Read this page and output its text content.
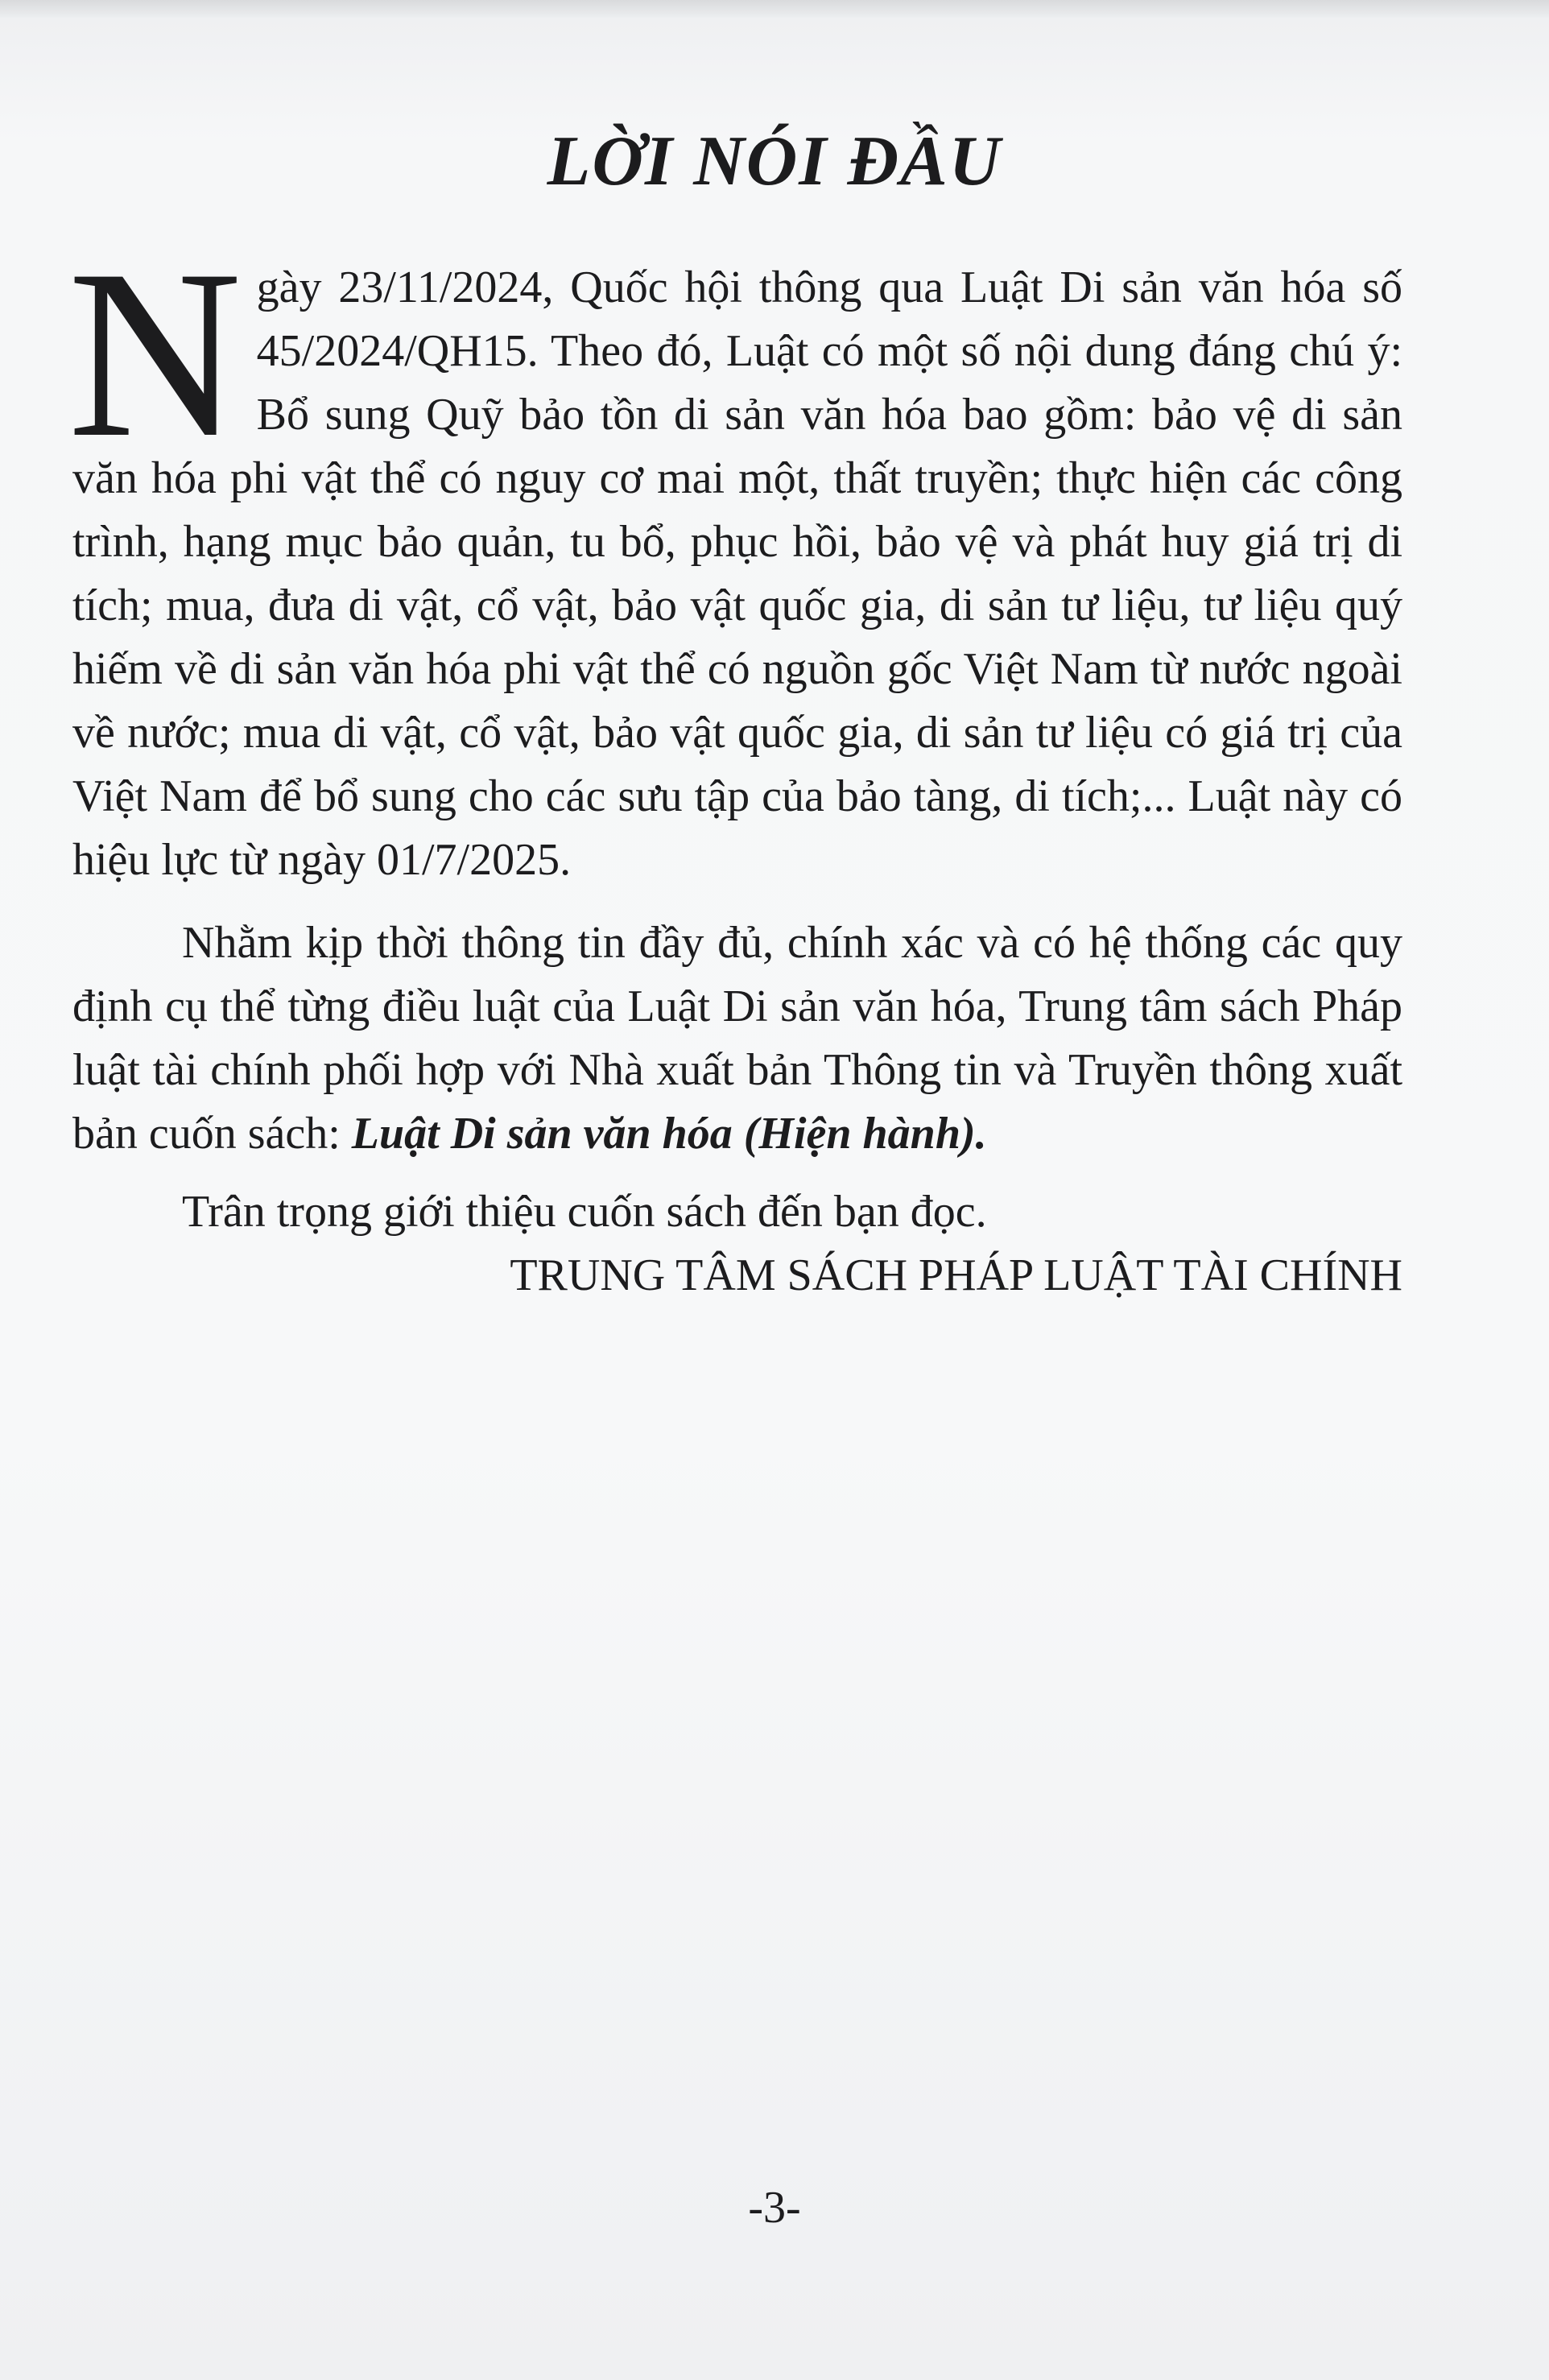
LỜI NÓI ĐẦU

Ngày 23/11/2024, Quốc hội thông qua Luật Di sản văn hóa số 45/2024/QH15. Theo đó, Luật có một số nội dung đáng chú ý: Bổ sung Quỹ bảo tồn di sản văn hóa bao gồm: bảo vệ di sản văn hóa phi vật thể có nguy cơ mai một, thất truyền; thực hiện các công trình, hạng mục bảo quản, tu bổ, phục hồi, bảo vệ và phát huy giá trị di tích; mua, đưa di vật, cổ vật, bảo vật quốc gia, di sản tư liệu, tư liệu quý hiếm về di sản văn hóa phi vật thể có nguồn gốc Việt Nam từ nước ngoài về nước; mua di vật, cổ vật, bảo vật quốc gia, di sản tư liệu có giá trị của Việt Nam để bổ sung cho các sưu tập của bảo tàng, di tích;... Luật này có hiệu lực từ ngày 01/7/2025.

Nhằm kịp thời thông tin đầy đủ, chính xác và có hệ thống các quy định cụ thể từng điều luật của Luật Di sản văn hóa, Trung tâm sách Pháp luật tài chính phối hợp với Nhà xuất bản Thông tin và Truyền thông xuất bản cuốn sách: Luật Di sản văn hóa (Hiện hành).

Trân trọng giới thiệu cuốn sách đến bạn đọc.

TRUNG TÂM SÁCH PHÁP LUẬT TÀI CHÍNH

-3-
